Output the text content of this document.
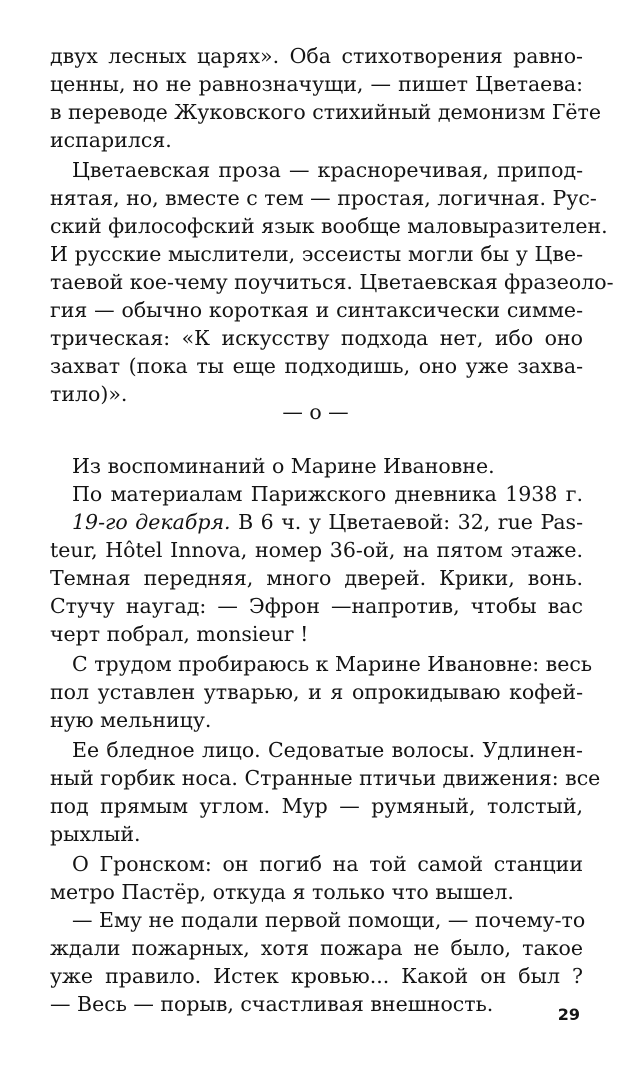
двух лесных царях». Оба стихотворения равно-
ценны, но не равнозначущи, — пишет Цветаева:
в переводе Жуковского стихийный демонизм Гёте
испарился.
Цветаевская проза — красноречивая, припод-
нятая, но, вместе с тем — простая, логичная. Рус-
ский философский язык вообще маловыразителен.
И русские мыслители, эссеисты могли бы у Цве-
таевой кое-чему поучиться. Цветаевская фразеоло-
гия — обычно короткая и синтаксически симме-
трическая: «К искусству подхода нет, ибо оно
захват (пока ты еще подходишь, оно уже захва-
тило)».
— о —
Из воспоминаний о Марине Ивановне.
По материалам Парижского дневника 1938 г.
19-го декабря. В 6 ч. у Цветаевой: 32, rue Pas-
teur, Hôtel Innova, номер 36-ой, на пятом этаже.
Темная передняя, много дверей. Крики, вонь.
Стучу наугад: — Эфрон —напротив, чтобы вас
черт побрал, monsieur !
С трудом пробираюсь к Марине Ивановне: весь
пол уставлен утварью, и я опрокидываю кофей-
ную мельницу.
Ее бледное лицо. Седоватые волосы. Удлинен-
ный горбик носа. Странные птичьи движения: все
под прямым углом. Мур — румяный, толстый,
рыхлый.
О Гронском: он погиб на той самой станции
метро Пастёр, откуда я только что вышел.
— Ему не подали первой помощи, — почему-то
ждали пожарных, хотя пожара не было, такое
уже правило. Истек кровью... Какой он был ?
— Весь — порыв, счастливая внешность.	29
